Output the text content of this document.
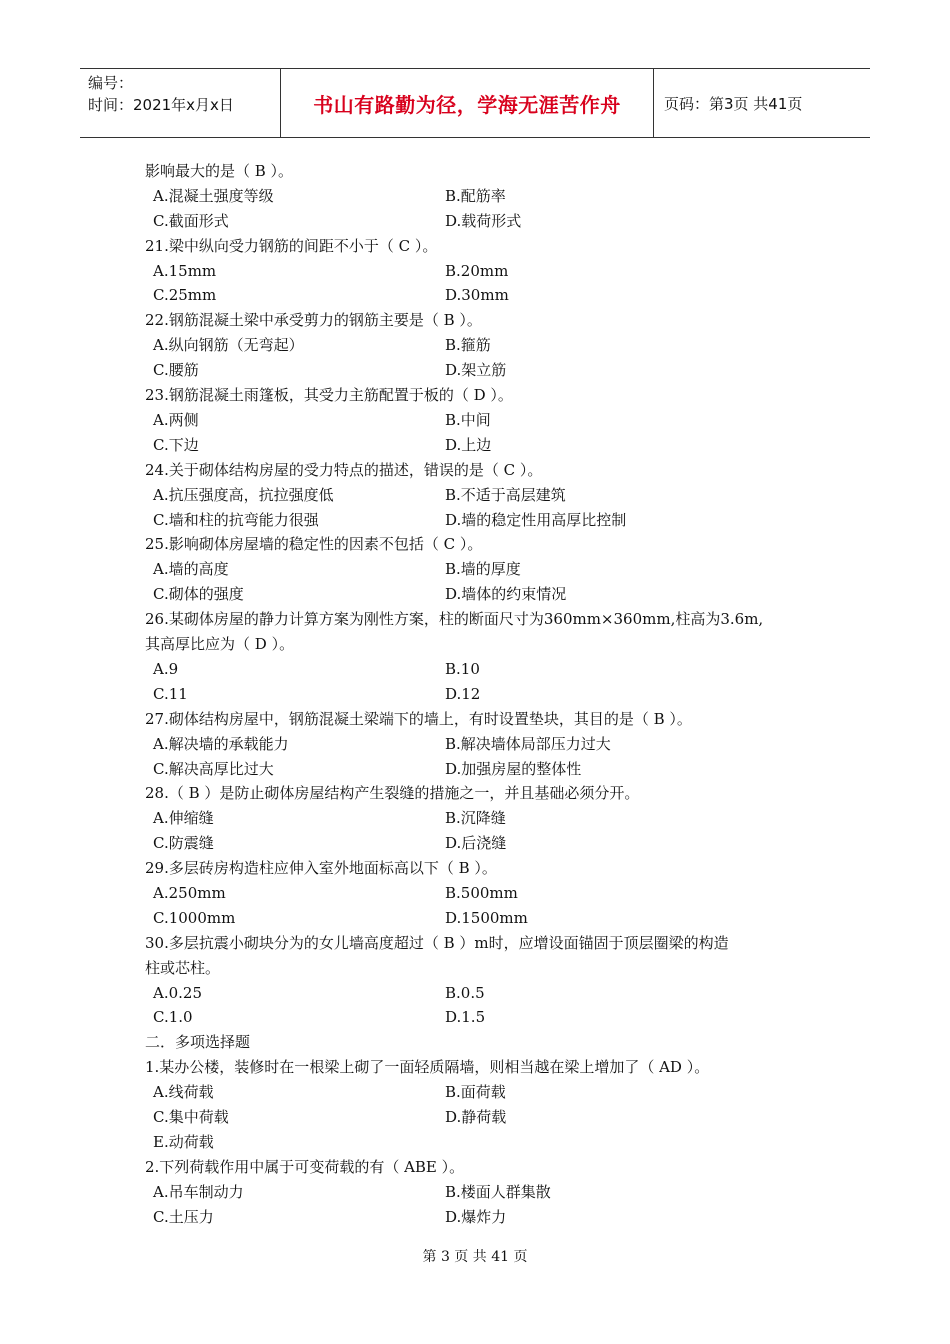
编号：
时间：2021年x月x日	书山有路勤为径，学海无涯苦作舟	页码：第3页 共41页
影响最大的是（ B ）。
A.混凝土强度等级	B.配筋率
C.截面形式	D.载荷形式
21.梁中纵向受力钢筋的间距不小于（ C ）。
A.15mm	B.20mm
C.25mm	D.30mm
22.钢筋混凝土梁中承受剪力的钢筋主要是（ B ）。
A.纵向钢筋（无弯起）	B.箍筋
C.腰筋	D.架立筋
23.钢筋混凝土雨篷板，其受力主筋配置于板的（ D ）。
A.两侧	B.中间
C.下边	D.上边
24.关于砌体结构房屋的受力特点的描述，错误的是（ C ）。
A.抗压强度高，抗拉强度低	B.不适于高层建筑
C.墙和柱的抗弯能力很强	D.墙的稳定性用高厚比控制
25.影响砌体房屋墙的稳定性的因素不包括（ C ）。
A.墙的高度	B.墙的厚度
C.砌体的强度	D.墙体的约束情况
26.某砌体房屋的静力计算方案为刚性方案，柱的断面尺寸为360mm×360mm,柱高为3.6m,
其高厚比应为（ D ）。
A.9	B.10
C.11	D.12
27.砌体结构房屋中，钢筋混凝土梁端下的墙上，有时设置垫块，其目的是（ B ）。
A.解决墙的承载能力	B.解决墙体局部压力过大
C.解决高厚比过大	D.加强房屋的整体性
28.（ B ）是防止砌体房屋结构产生裂缝的措施之一，并且基础必须分开。
A.伸缩缝	B.沉降缝
C.防震缝	D.后浇缝
29.多层砖房构造柱应伸入室外地面标高以下（ B ）。
A.250mm	B.500mm
C.1000mm	D.1500mm
30.多层抗震小砌块分为的女儿墙高度超过（ B ）m时，应增设面锚固于顶层圈梁的构造
柱或芯柱。
A.0.25	B.0.5
C.1.0	D.1.5
二．多项选择题
1.某办公楼，装修时在一根梁上砌了一面轻质隔墙，则相当越在梁上增加了（ AD ）。
A.线荷载	B.面荷载
C.集中荷载	D.静荷载
E.动荷载
2.下列荷载作用中属于可变荷载的有（ ABE ）。
A.吊车制动力	B.楼面人群集散
C.土压力	D.爆炸力
第 3 页 共 41 页
